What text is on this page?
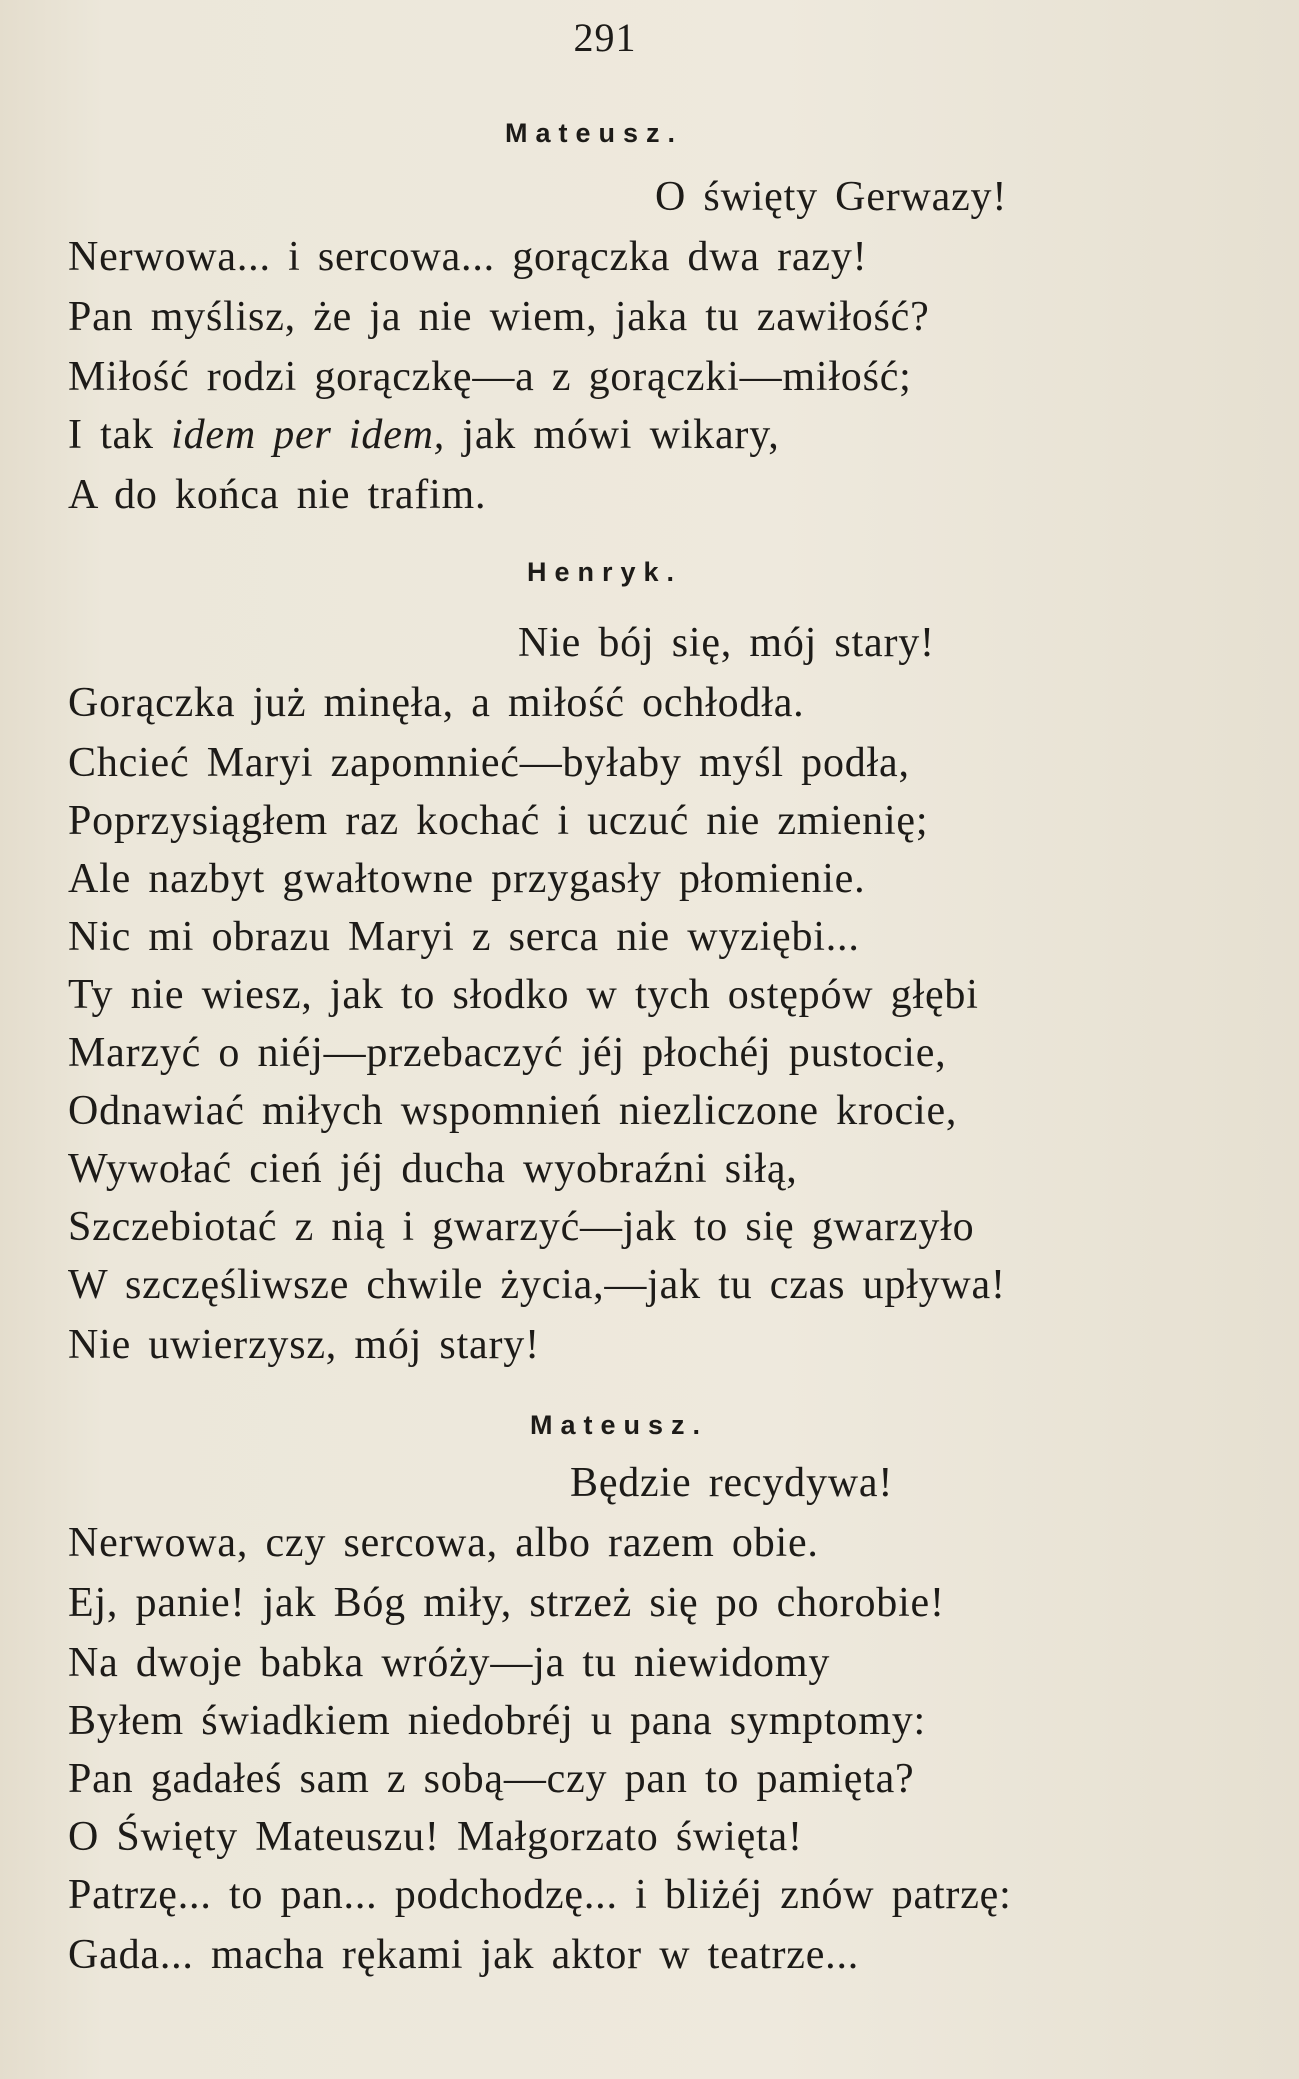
291
Mateusz.
O święty Gerwazy!
Nerwowa... i sercowa... gorączka dwa razy!
Pan myślisz, że ja nie wiem, jaka tu zawiłość?
Miłość rodzi gorączkę—a z gorączki—miłość;
I tak idem per idem, jak mówi wikary,
A do końca nie trafim.
Henryk.
Nie bój się, mój stary!
Gorączka już minęła, a miłość ochłodła.
Chcieć Maryi zapomnieć—byłaby myśl podła,
Poprzysiągłem raz kochać i uczuć nie zmienię;
Ale nazbyt gwałtowne przygasły płomienie.
Nic mi obrazu Maryi z serca nie wyziębi...
Ty nie wiesz, jak to słodko w tych ostępów głębi
Marzyć o niéj—przebaczyć jéj płochéj pustocie,
Odnawiać miłych wspomnień niezliczone krocie,
Wywołać cień jéj ducha wyobraźni siłą,
Szczebiotać z nią i gwarzyć—jak to się gwarzyło
W szczęśliwsze chwile życia,—jak tu czas upływa!
Nie uwierzysz, mój stary!
Mateusz.
Będzie recydywa!
Nerwowa, czy sercowa, albo razem obie.
Ej, panie! jak Bóg miły, strzeż się po chorobie!
Na dwoje babka wróży—ja tu niewidomy
Byłem świadkiem niedobréj u pana symptomy:
Pan gadałeś sam z sobą—czy pan to pamięta?
O Święty Mateuszu! Małgorzato święta!
Patrzę... to pan... podchodzę... i bliżéj znów patrzę:
Gada... macha rękami jak aktor w teatrze...
